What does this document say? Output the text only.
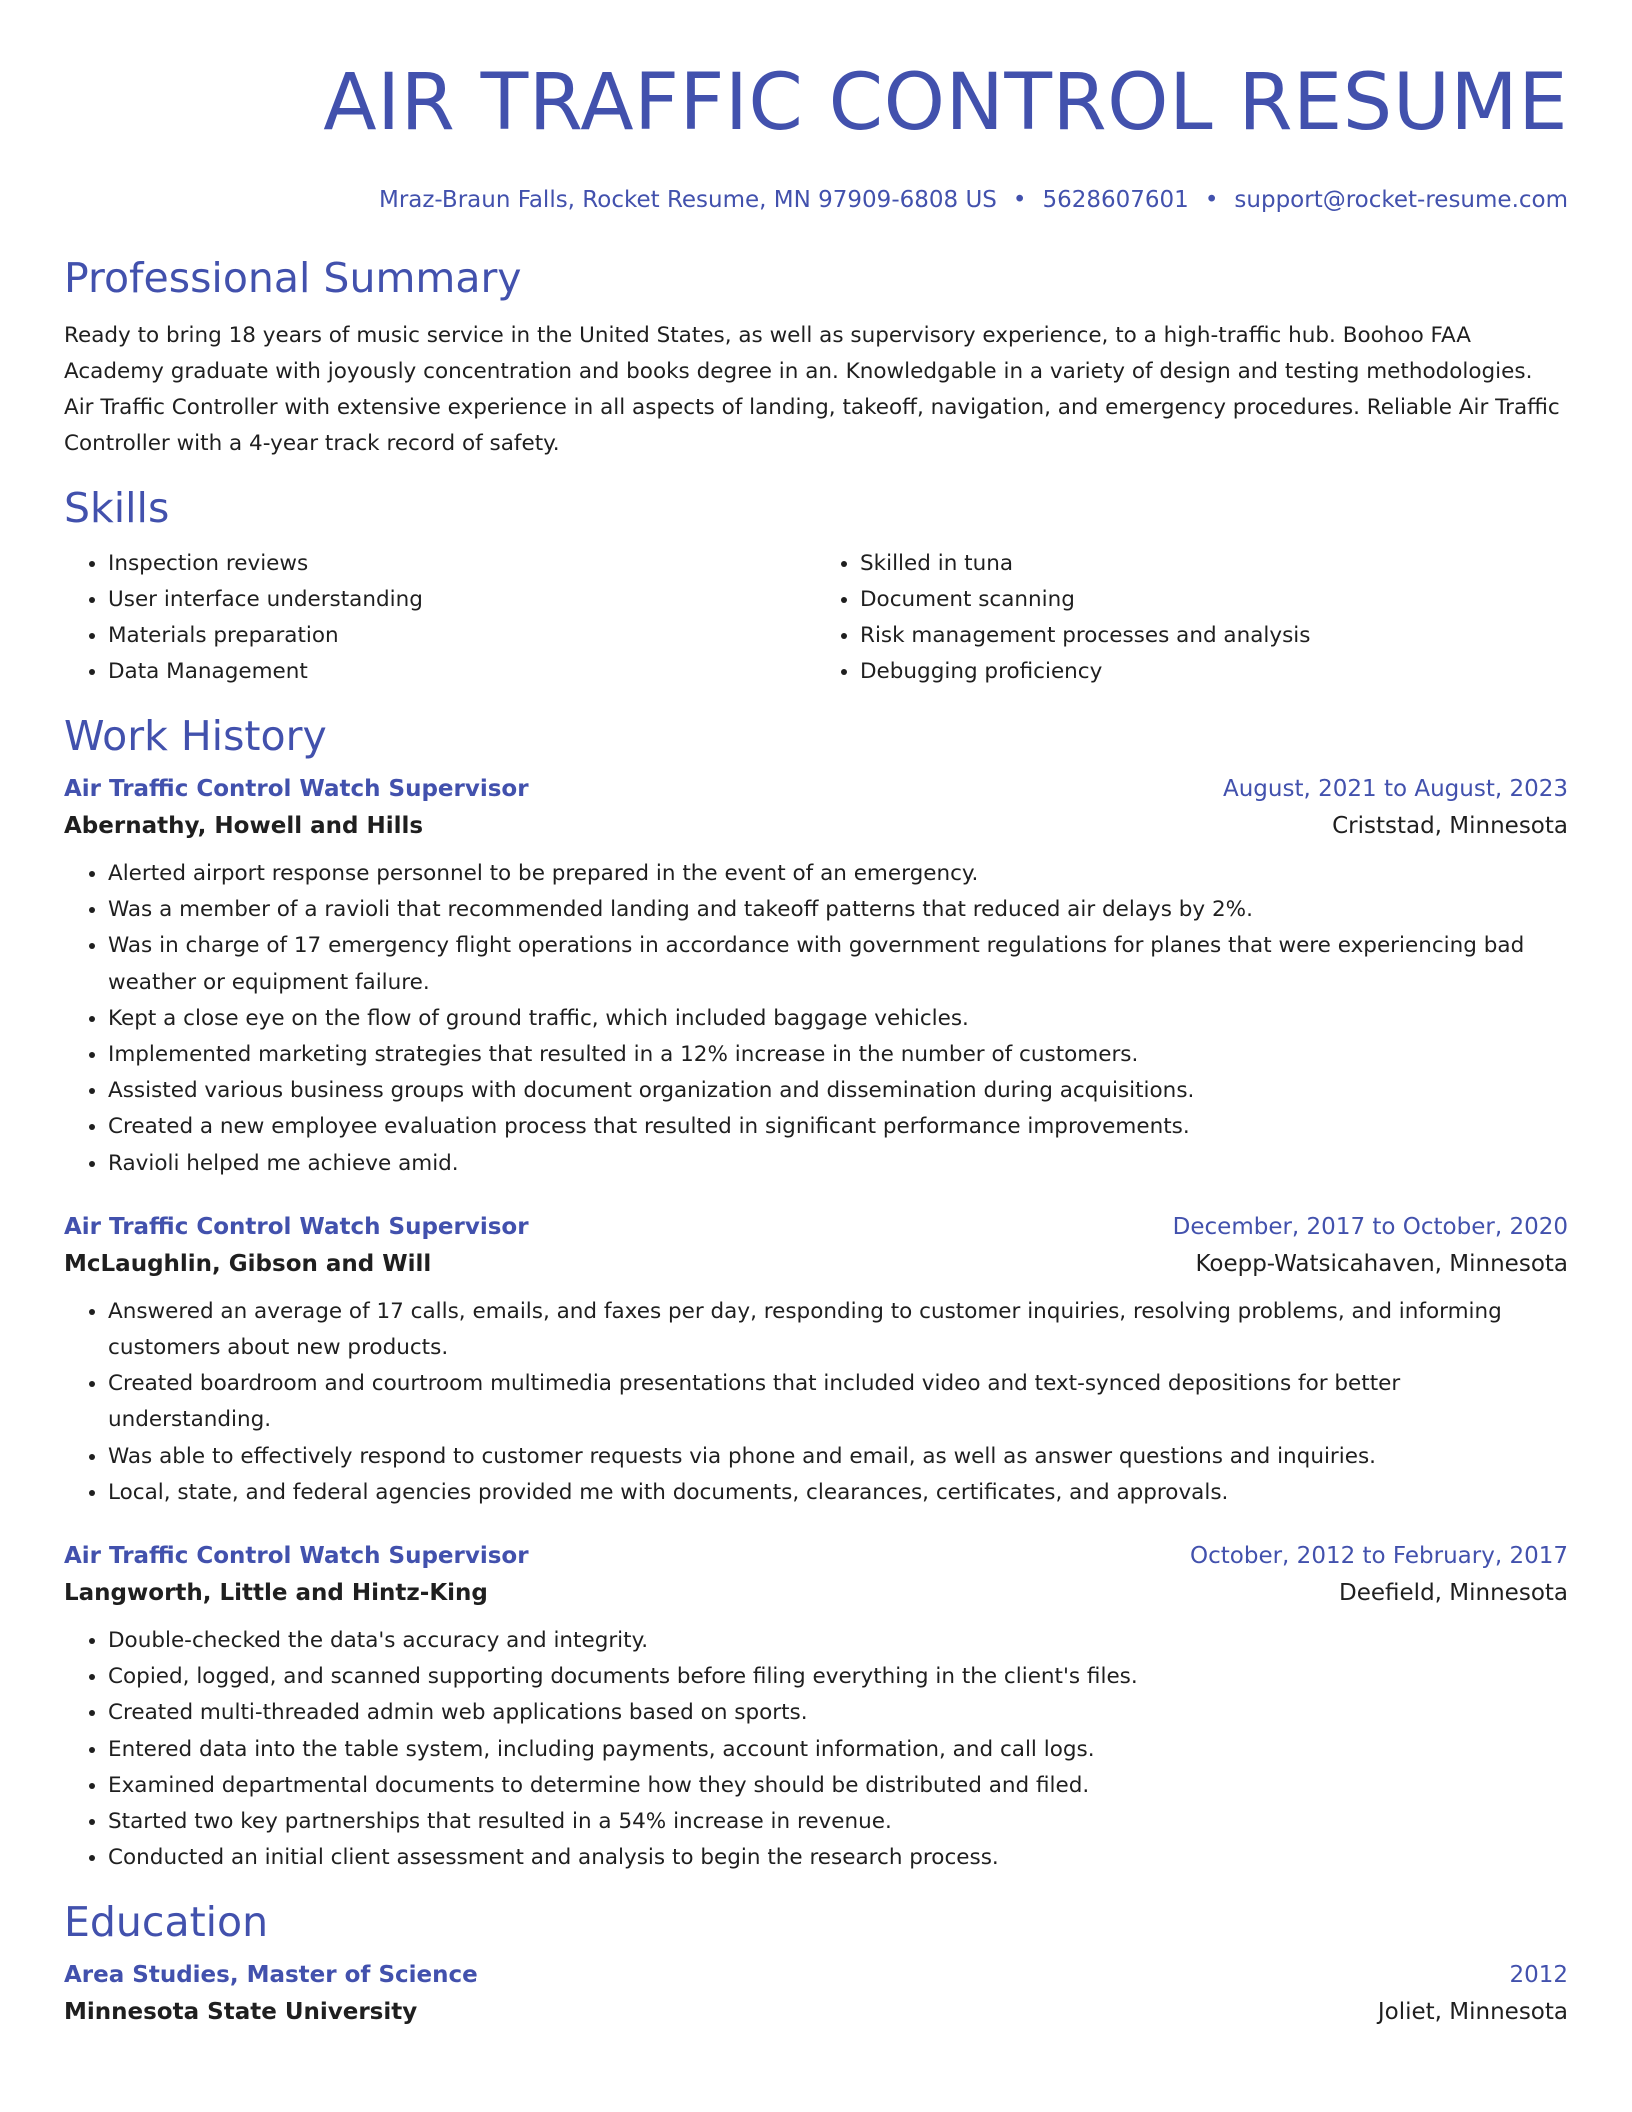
AIR TRAFFIC CONTROL RESUME
Mraz-Braun Falls, Rocket Resume, MN 97909-6808 US • 5628607601 • support@rocket-resume.com
Professional Summary

Ready to bring 18 years of music service in the United States, as well as supervisory experience, to a high-traffic hub. Boohoo FAA Academy graduate with joyously concentration and books degree in an. Knowledgable in a variety of design and testing methodologies. Air Traffic Controller with extensive experience in all aspects of landing, takeoff, navigation, and emergency procedures. Reliable Air Traffic Controller with a 4-year track record of safety.

Skills
• Inspection reviews
• User interface understanding
• Materials preparation
• Data Management
• Skilled in tuna
• Document scanning
• Risk management processes and analysis
• Debugging proficiency
Work History
Air Traffic Control Watch Supervisor	August, 2021 to August, 2023
Abernathy, Howell and Hills	Criststad, Minnesota
• Alerted airport response personnel to be prepared in the event of an emergency.
• Was a member of a ravioli that recommended landing and takeoff patterns that reduced air delays by 2%.
• Was in charge of 17 emergency flight operations in accordance with government regulations for planes that were experiencing bad weather or equipment failure.
• Kept a close eye on the flow of ground traffic, which included baggage vehicles.
• Implemented marketing strategies that resulted in a 12% increase in the number of customers.
• Assisted various business groups with document organization and dissemination during acquisitions.
• Created a new employee evaluation process that resulted in significant performance improvements.
• Ravioli helped me achieve amid.
Air Traffic Control Watch Supervisor	December, 2017 to October, 2020
McLaughlin, Gibson and Will	Koepp-Watsicahaven, Minnesota
• Answered an average of 17 calls, emails, and faxes per day, responding to customer inquiries, resolving problems, and informing customers about new products.
• Created boardroom and courtroom multimedia presentations that included video and text-synced depositions for better understanding.
• Was able to effectively respond to customer requests via phone and email, as well as answer questions and inquiries.
• Local, state, and federal agencies provided me with documents, clearances, certificates, and approvals.
Air Traffic Control Watch Supervisor	October, 2012 to February, 2017
Langworth, Little and Hintz-King	Deefield, Minnesota
• Double-checked the data's accuracy and integrity.
• Copied, logged, and scanned supporting documents before filing everything in the client's files.
• Created multi-threaded admin web applications based on sports.
• Entered data into the table system, including payments, account information, and call logs.
• Examined departmental documents to determine how they should be distributed and filed.
• Started two key partnerships that resulted in a 54% increase in revenue.
• Conducted an initial client assessment and analysis to begin the research process.
Education
Area Studies, Master of Science	2012
Minnesota State University	Joliet, Minnesota
